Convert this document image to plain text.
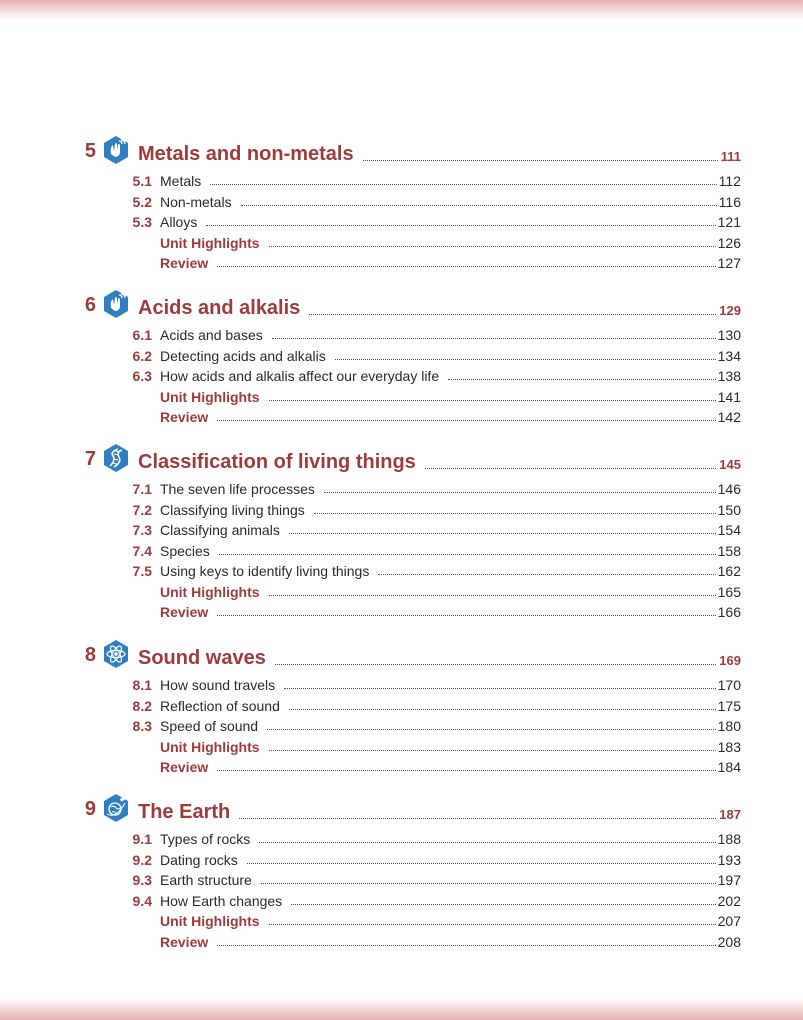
5 Metals and non-metals	111
5.1 Metals	112
5.2 Non-metals	116
5.3 Alloys	121
Unit Highlights	126
Review	127
6 Acids and alkalis	129
6.1 Acids and bases	130
6.2 Detecting acids and alkalis	134
6.3 How acids and alkalis affect our everyday life	138
Unit Highlights	141
Review	142
7 Classification of living things	145
7.1 The seven life processes	146
7.2 Classifying living things	150
7.3 Classifying animals	154
7.4 Species	158
7.5 Using keys to identify living things	162
Unit Highlights	165
Review	166
8 Sound waves	169
8.1 How sound travels	170
8.2 Reflection of sound	175
8.3 Speed of sound	180
Unit Highlights	183
Review	184
9 The Earth	187
9.1 Types of rocks	188
9.2 Dating rocks	193
9.3 Earth structure	197
9.4 How Earth changes	202
Unit Highlights	207
Review	208
